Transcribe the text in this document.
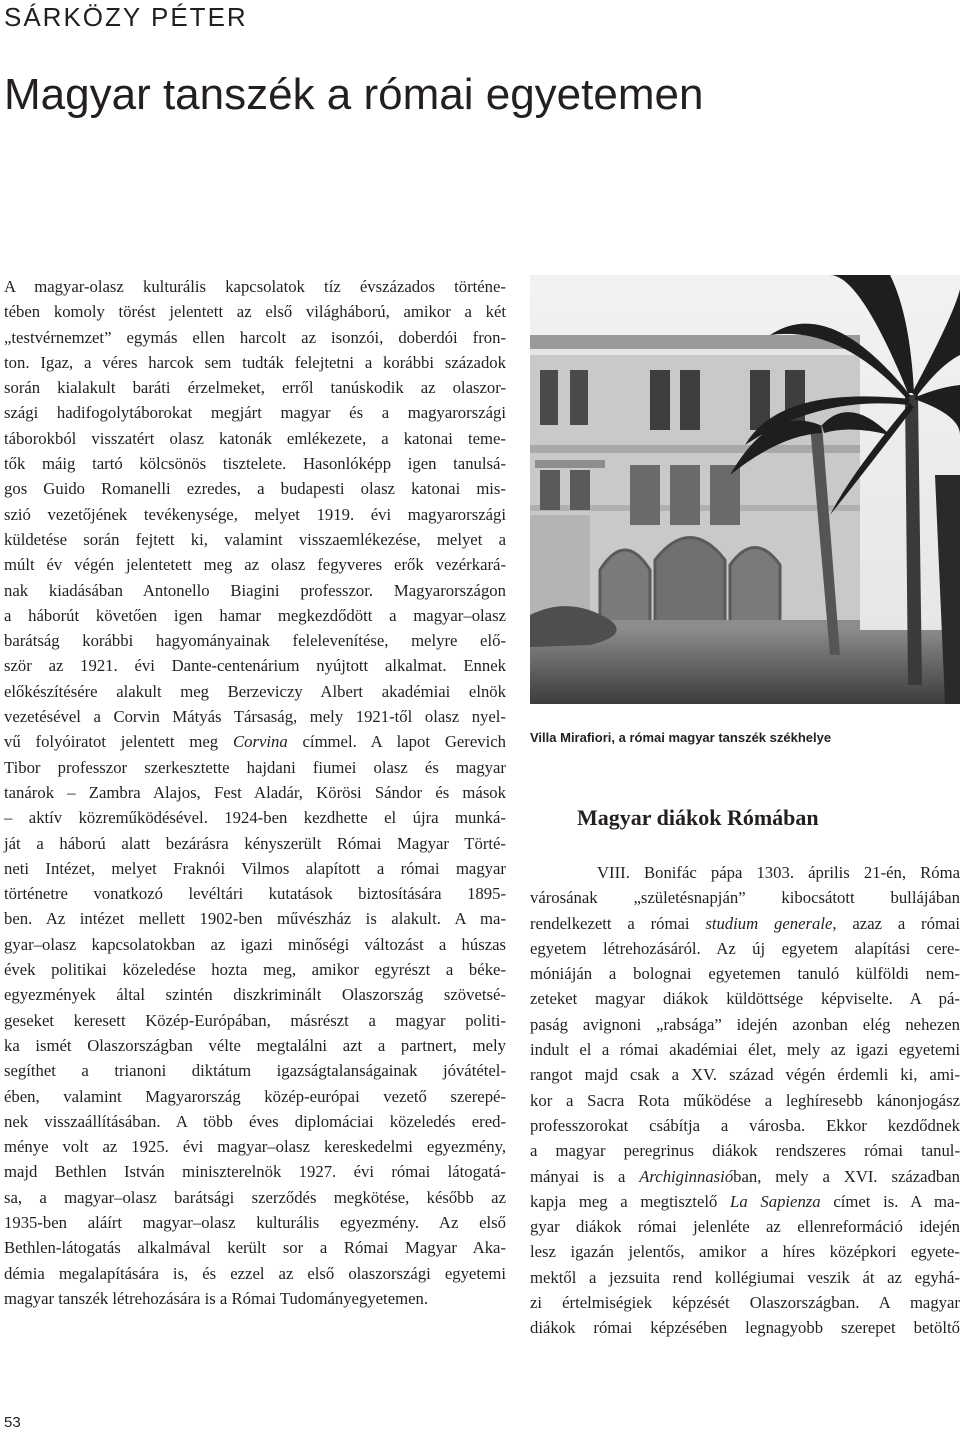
SÁRKÖZY PÉTER
Magyar tanszék a római egyetemen
A magyar-olasz kulturális kapcsolatok tíz évszázados történe-
tében komoly törést jelentett az első világháború, amikor a két
„testvérnemzet” egymás ellen harcolt az isonzói, doberdói fron-
ton. Igaz, a véres harcok sem tudták felejtetni a korábbi századok
során kialakult baráti érzelmeket, erről tanúskodik az olaszor-
szági hadifogolytáborokat megjárt magyar és a magyarországi
táborokból visszatért olasz katonák emlékezete, a katonai teme-
tők máig tartó kölcsönös tisztelete. Hasonlóképp igen tanulsá-
gos Guido Romanelli ezredes, a budapesti olasz katonai mis-
szió vezetőjének tevékenysége, melyet 1919. évi magyarországi
küldetése során fejtett ki, valamint visszaemlékezése, melyet a
múlt év végén jelentetett meg az olasz fegyveres erők vezérkará-
nak kiadásában Antonello Biagini professzor. Magyarországon
a háborút követően igen hamar megkezdődött a magyar–olasz
barátság korábbi hagyományainak felelevenítése, melyre elő-
ször az 1921. évi Dante-centenárium nyújtott alkalmat. Ennek
előkészítésére alakult meg Berzeviczy Albert akadémiai elnök
vezetésével a Corvin Mátyás Társaság, mely 1921-től olasz nyel-
vű folyóiratot jelentett meg Corvina címmel. A lapot Gerevich
Tibor professzor szerkesztette hajdani fiumei olasz és magyar
tanárok – Zambra Alajos, Fest Aladár, Körösi Sándor és mások
– aktív közreműködésével. 1924-ben kezdhette el újra munká-
ját a háború alatt bezárásra kényszerült Római Magyar Törté-
neti Intézet, melyet Fraknói Vilmos alapított a római magyar
történetre vonatkozó levéltári kutatások biztosítására 1895-
ben. Az intézet mellett 1902-ben művészház is alakult. A ma-
gyar–olasz kapcsolatokban az igazi minőségi változást a húszas
évek politikai közeledése hozta meg, amikor egyrészt a béke-
egyezmények által szintén diszkriminált Olaszország szövetsé-
geseket keresett Közép-Európában, másrészt a magyar politi-
ka ismét Olaszországban vélte megtalálni azt a partnert, mely
segíthet a trianoni diktátum igazságtalanságainak jóvátétel-
ében, valamint Magyarország közép-európai vezető szerepé-
nek visszaállításában. A több éves diplomáciai közeledés ered-
ménye volt az 1925. évi magyar–olasz kereskedelmi egyezmény,
majd Bethlen István miniszterelnök 1927. évi római látogatá-
sa, a magyar–olasz barátsági szerződés megkötése, később az
1935-ben aláírt magyar–olasz kulturális egyezmény. Az első
Bethlen-látogatás alkalmával került sor a Római Magyar Aka-
démia megalapítására is, és ezzel az első olaszországi egyetemi
magyar tanszék létrehozására is a Római Tudományegyetemen.
Villa Mirafiori, a római magyar tanszék székhelye
Magyar diákok Rómában
VIII. Bonifác pápa 1303. április 21-én, Róma
városának „születésnapján” kibocsátott bullájában
rendelkezett a római studium generale, azaz a római
egyetem létrehozásáról. Az új egyetem alapítási cere-
móniáján a bolognai egyetemen tanuló külföldi nem-
zeteket magyar diákok küldöttsége képviselte. A pá-
paság avignoni „rabsága” idején azonban elég nehezen
indult el a római akadémiai élet, mely az igazi egyetemi
rangot majd csak a XV. század végén érdemli ki, ami-
kor a Sacra Rota működése a leghíresebb kánonjogász
professzorokat csábítja a városba. Ekkor kezdődnek
a magyar peregrinus diákok rendszeres római tanul-
mányai is a Archiginnasióban, mely a XVI. században
kapja meg a megtisztelő La Sapienza címet is. A ma-
gyar diákok római jelenléte az ellenreformáció idején
lesz igazán jelentős, amikor a híres középkori egyete-
mektől a jezsuita rend kollégiumai veszik át az egyhá-
zi értelmiségiek képzését Olaszországban. A magyar
diákok római képzésében legnagyobb szerepet betöltő
53
